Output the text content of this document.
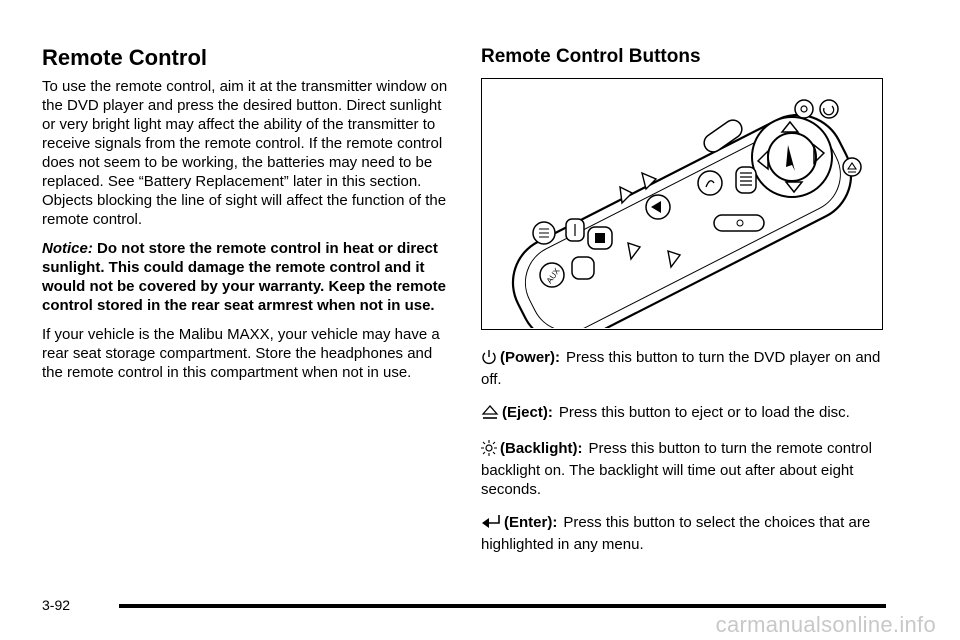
Remote Control

To use the remote control, aim it at the transmitter window on the DVD player and press the desired button. Direct sunlight or very bright light may affect the ability of the transmitter to receive signals from the remote control. If the remote control does not seem to be working, the batteries may need to be replaced. See “Battery Replacement” later in this section. Objects blocking the line of sight will affect the function of the remote control.

Notice: Do not store the remote control in heat or direct sunlight. This could damage the remote control and it would not be covered by your warranty. Keep the remote control stored in the rear seat armrest when not in use.

If your vehicle is the Malibu MAXX, your vehicle may have a rear seat storage compartment. Store the headphones and the remote control in this compartment when not in use.

Remote Control Buttons
AUX
(Power): Press this button to turn the DVD player on and off.
(Eject): Press this button to eject or to load the disc.
(Backlight): Press this button to turn the remote control backlight on. The backlight will time out after about eight seconds.
(Enter): Press this button to select the choices that are highlighted in any menu.
3-92
carmanualsonline.info
